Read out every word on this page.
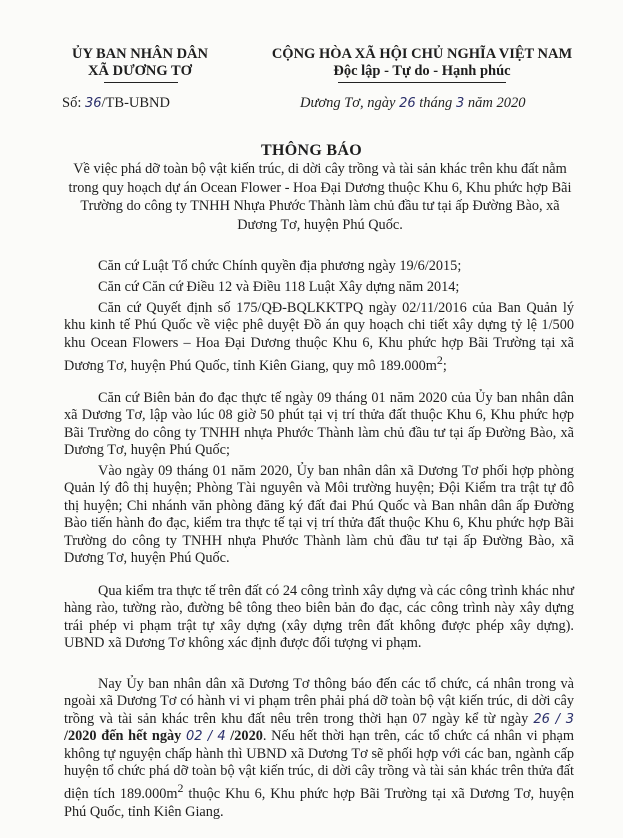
ỦY BAN NHÂN DÂN
XÃ DƯƠNG TƠ
CỘNG HÒA XÃ HỘI CHỦ NGHĨA VIỆT NAM
Độc lập - Tự do - Hạnh phúc
Số: 36/TB-UBND	Dương Tơ, ngày 26 tháng 3 năm 2020
THÔNG BÁO
Về việc phá dỡ toàn bộ vật kiến trúc, di dời cây trồng và tài sản khác trên khu đất nằm trong quy hoạch dự án Ocean Flower - Hoa Đại Dương thuộc Khu 6, Khu phức hợp Bãi Trường do công ty TNHH Nhựa Phước Thành làm chủ đầu tư tại ấp Đường Bào, xã Dương Tơ, huyện Phú Quốc.

Căn cứ Luật Tổ chức Chính quyền địa phương ngày 19/6/2015;

Căn cứ Căn cứ Điều 12 và Điều 118 Luật Xây dựng năm 2014;

Căn cứ Quyết định số 175/QĐ-BQLKKTPQ ngày 02/11/2016 của Ban Quản lý khu kinh tế Phú Quốc về việc phê duyệt Đồ án quy hoạch chi tiết xây dựng tỷ lệ 1/500 khu Ocean Flowers – Hoa Đại Dương thuộc Khu 6, Khu phức hợp Bãi Trường tại xã Dương Tơ, huyện Phú Quốc, tỉnh Kiên Giang, quy mô $189.000m^2$;

Căn cứ Biên bản đo đạc thực tế ngày 09 tháng 01 năm 2020 của Ủy ban nhân dân xã Dương Tơ, lập vào lúc 08 giờ 50 phút tại vị trí thửa đất thuộc Khu 6, Khu phức hợp Bãi Trường do công ty TNHH nhựa Phước Thành làm chủ đầu tư tại ấp Đường Bào, xã Dương Tơ, huyện Phú Quốc;

Vào ngày 09 tháng 01 năm 2020, Ủy ban nhân dân xã Dương Tơ phối hợp phòng Quản lý đô thị huyện; Phòng Tài nguyên và Môi trường huyện; Đội Kiểm tra trật tự đô thị huyện; Chi nhánh văn phòng đăng ký đất đai Phú Quốc và Ban nhân dân ấp Đường Bào tiến hành đo đạc, kiểm tra thực tế tại vị trí thửa đất thuộc Khu 6, Khu phức hợp Bãi Trường do công ty TNHH nhựa Phước Thành làm chủ đầu tư tại ấp Đường Bào, xã Dương Tơ, huyện Phú Quốc.

Qua kiểm tra thực tế trên đất có 24 công trình xây dựng và các công trình khác như hàng rào, tường rào, đường bê tông theo biên bản đo đạc, các công trình này xây dựng trái phép vi phạm trật tự xây dựng (xây dựng trên đất không được phép xây dựng). UBND xã Dương Tơ không xác định được đối tượng vi phạm.

Nay Ủy ban nhân dân xã Dương Tơ thông báo đến các tổ chức, cá nhân trong và ngoài xã Dương Tơ có hành vi vi phạm trên phải phá dỡ toàn bộ vật kiến trúc, di dời cây trồng và tài sản khác trên khu đất nêu trên trong thời hạn 07 ngày kể từ ngày 26 / 3 /2020 đến hết ngày 02 / 4 /2020. Nếu hết thời hạn trên, các tổ chức cá nhân vi phạm không tự nguyện chấp hành thì UBND xã Dương Tơ sẽ phối hợp với các ban, ngành cấp huyện tổ chức phá dỡ toàn bộ vật kiến trúc, di dời cây trồng và tài sản khác trên thửa đất diện tích $189.000m^2$ thuộc Khu 6, Khu phức hợp Bãi Trường tại xã Dương Tơ, huyện Phú Quốc, tỉnh Kiên Giang.
